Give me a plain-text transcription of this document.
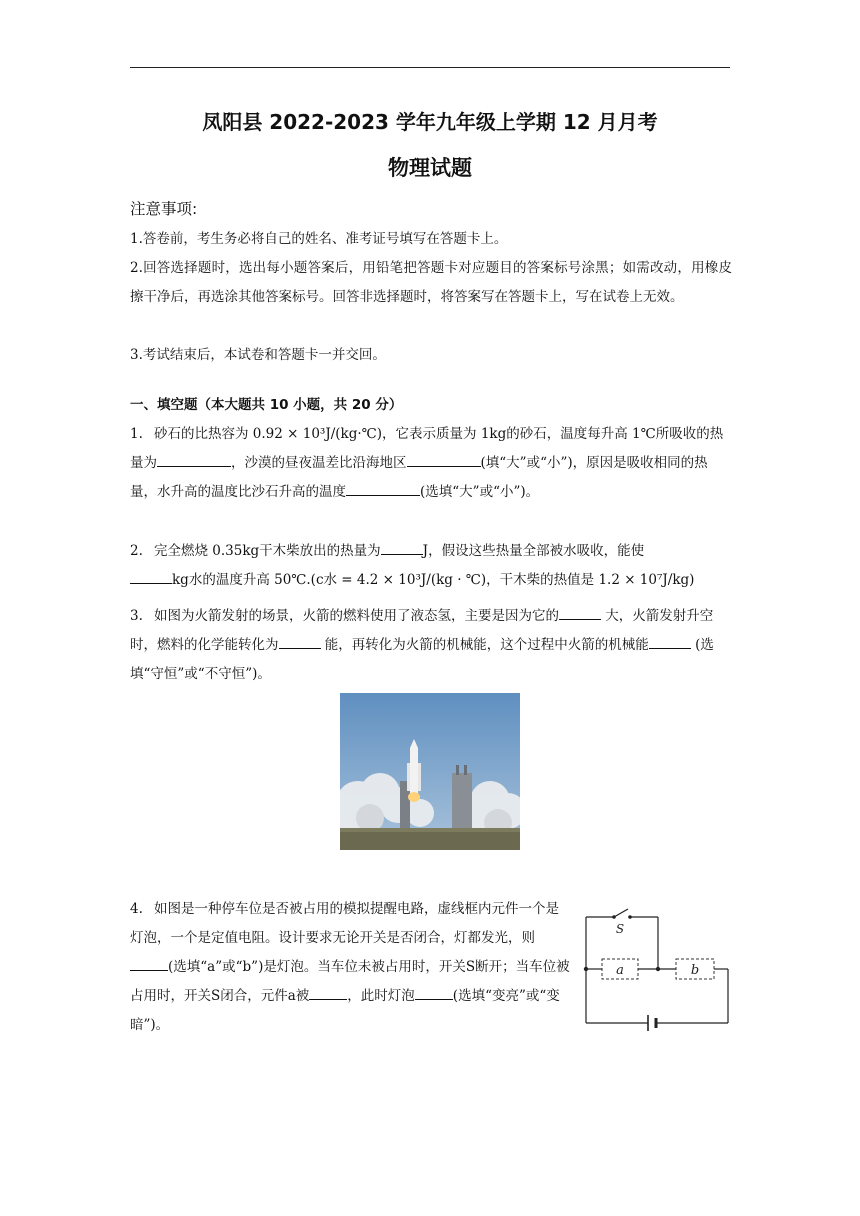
凤阳县 2022-2023 学年九年级上学期 12 月月考
物理试题
注意事项:

1.答卷前，考生务必将自己的姓名、准考证号填写在答题卡上。

2.回答选择题时，选出每小题答案后，用铅笔把答题卡对应题目的答案标号涂黑；如需改动，用橡皮擦干净后，再选涂其他答案标号。回答非选择题时，将答案写在答题卡上，写在试卷上无效。

3.考试结束后，本试卷和答题卡一并交回。

一、填空题（本大题共 10 小题，共 20 分）

1. 砂石的比热容为 0.92 × 10³J/(kg·℃)，它表示质量为 1kg的砂石，温度每升高 1℃所吸收的热量为	，沙漠的昼夜温差比沿海地区	(填“大”或“小”)，原因是吸收相同的热量，水升高的温度比沙石升高的温度	(选填“大”或“小”)。

2. 完全燃烧 0.35kg干木柴放出的热量为	J，假设这些热量全部被水吸收，能使
kg水的温度升高 50℃.(c水 = 4.2 × 10³J/(kg · ℃)，干木柴的热值是 1.2 × 10⁷J/kg)

3. 如图为火箭发射的场景，火箭的燃料使用了液态氢，主要是因为它的	大，火箭发射升空时，燃料的化学能转化为	能，再转化为火箭的机械能，这个过程中火箭的机械能	(选填“守恒”或“不守恒”)。

4. 如图是一种停车位是否被占用的模拟提醒电路，虚线框内元件一个是灯泡，一个是定值电阻。设计要求无论开关是否闭合，灯都发光，则(选填“a”或“b”)是灯泡。当车位未被占用时，开关S断开；当车位被占用时，开关S闭合，元件a被	，此时灯泡	(选填“变亮”或“变暗”)。

S
a	b
